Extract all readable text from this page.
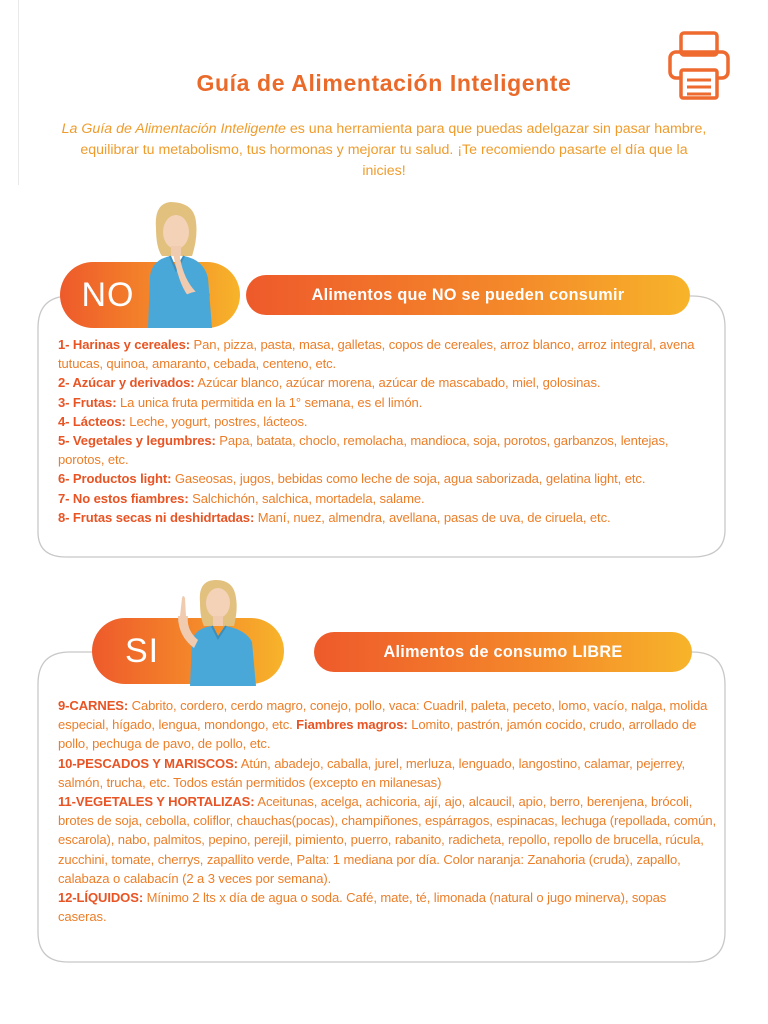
Guía de Alimentación Inteligente

La Guía de Alimentación Inteligente es una herramienta para que puedas adelgazar sin pasar hambre, equilibrar tu metabolismo, tus hormonas y mejorar tu salud. ¡Te recomiendo pasarte el día que la inicies!

NO	Alimentos que NO se pueden consumir

1- Harinas y cereales: Pan, pizza, pasta, masa, galletas, copos de cereales, arroz blanco, arroz integral, avena tutucas, quinoa, amaranto, cebada, centeno, etc.

2- Azúcar y derivados: Azúcar blanco, azúcar morena, azúcar de mascabado, miel, golosinas.

3- Frutas: La unica fruta permitida en la 1° semana, es el limón.

4- Lácteos: Leche, yogurt, postres, lácteos.

5- Vegetales y legumbres: Papa, batata, choclo, remolacha, mandioca, soja, porotos, garbanzos, lentejas, porotos, etc.

6- Productos light: Gaseosas, jugos, bebidas como leche de soja, agua saborizada, gelatina light, etc.

7- No estos fiambres: Salchichón, salchica, mortadela, salame.

8- Frutas secas ni deshidrtadas: Maní, nuez, almendra, avellana, pasas de uva, de ciruela, etc.

SI	Alimentos de consumo LIBRE

9-CARNES: Cabrito, cordero, cerdo magro, conejo, pollo, vaca: Cuadril, paleta, peceto, lomo, vacío, nalga, molida especial, hígado, lengua, mondongo, etc. Fiambres magros: Lomito, pastrón, jamón cocido, crudo, arrollado de pollo, pechuga de pavo, de pollo, etc.

10-PESCADOS Y MARISCOS: Atún, abadejo, caballa, jurel, merluza, lenguado, langostino, calamar, pejerrey, salmón, trucha, etc. Todos están permitidos (excepto en milanesas)

11-VEGETALES Y HORTALIZAS: Aceitunas, acelga, achicoria, ají, ajo, alcaucil, apio, berro, berenjena, brócoli, brotes de soja, cebolla, coliflor, chauchas(pocas), champiñones, espárragos, espinacas, lechuga (repollada, común, escarola), nabo, palmitos, pepino, perejil, pimiento, puerro, rabanito, radicheta, repollo, repollo de brucella, rúcula, zucchini, tomate, cherrys, zapallito verde, Palta: 1 mediana por día. Color naranja: Zanahoria (cruda), zapallo, calabaza o calabacín (2 a 3 veces por semana).

12-LÍQUIDOS: Mínimo 2 lts x día de agua o soda. Café, mate, té, limonada (natural o jugo minerva), sopas caseras.
